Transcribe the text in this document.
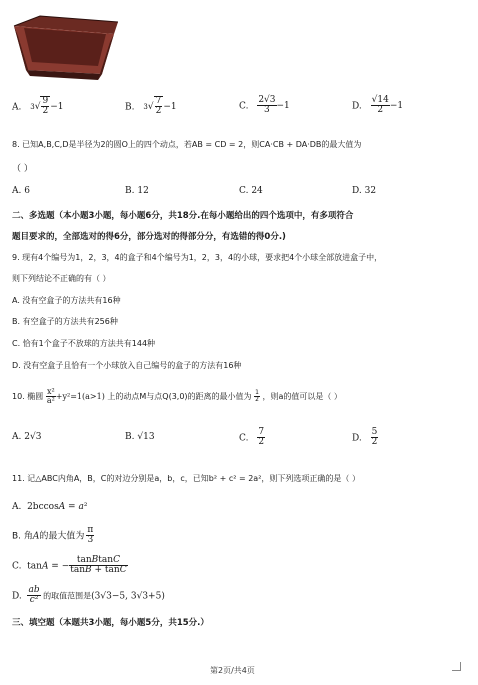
A. $3√ \frac{9}{2} -1$	B. $3√ \frac{7}{2} -1$	C. $\frac{2√3}{3} -1$	D. $\frac{√14}{2} -1$
8. 已知A,B,C,D是半径为2的圆O上的四个动点，若AB = CD = 2，则CA·CB + DA·DB的最大值为
（ ）
A. 6	B. 12	C. 24	D. 32
二、多选题（本小题3小题，每小题6分，共18分.在每小题给出的四个选项中，有多项符合
题目要求的，全部选对的得6分，部分选对的得部分分，有选错的得0分.)
9. 现有4个编号为1，2，3，4的盒子和4个编号为1，2，3，4的小球，要求把4个小球全部放进盒子中，
则下列结论不正确的有（ ）
A. 没有空盒子的方法共有16种
B. 有空盒子的方法共有256种
C. 恰有1个盒子不放球的方法共有144种
D. 没有空盒子且恰有一个小球放入自己编号的盒子的方法有16种
10. 椭圆 $\frac{\text{x²}}{\text{a²}} +y^2=1(a>1)$ 上的动点M与点Q(3,0)的距离的最小值为 $\frac{1}{2}$ ，则a的值可以是（ ）
A. 2√3	B. √13	C. $\frac{7}{2}$	D. $\frac{5}{2}$
11. 记△ABC内角A，B，C的对边分别是a，b，c，已知b² + c² = 2a²，则下列选项正确的是（ ）
A.  2bccosA = a²
B. 角A的最大值为 $\frac{\pi}{3}$
C.  tanA = − $\frac{\text{tanBtanC}}{\tan B + \tan C}$
D. $\frac{ab}{\text{c²}}$ 的取值范围是(3√3−5, 3√3+5)
三、填空题（本题共3小题，每小题5分，共15分.）
第2页/共4页
